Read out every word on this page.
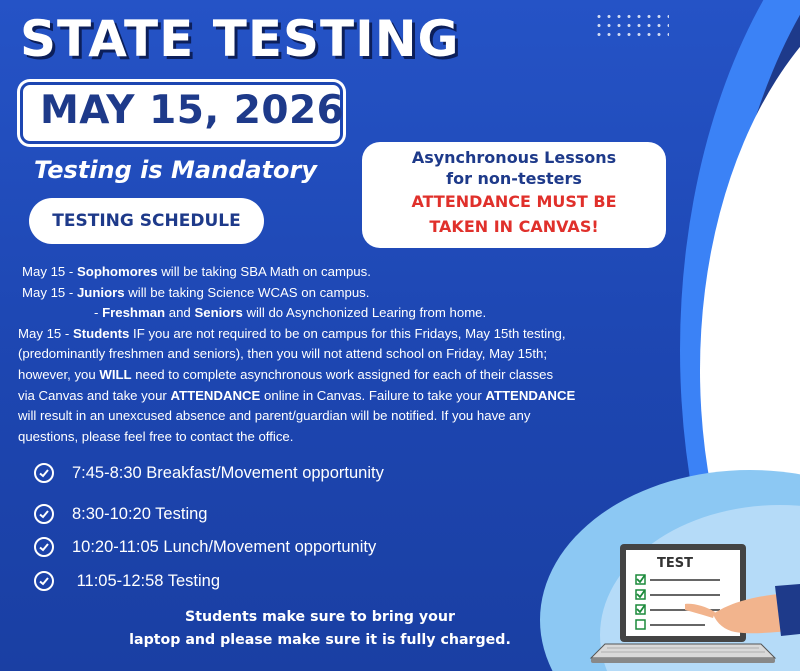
STATE TESTING
MAY 15, 2026
Testing is Mandatory
TESTING SCHEDULE
Asynchronous Lessons
for non-testers
ATTENDANCE MUST BE
TAKEN IN CANVAS!
May 15 - Sophomores will be taking SBA Math on campus.
May 15 - Juniors will be taking Science WCAS on campus.
- Freshman and Seniors will do Asynchonized Learing from home.
May 15 - Students IF you are not required to be on campus for this Fridays, May 15th testing,
(predominantly freshmen and seniors), then you will not attend school on Friday, May 15th;
however, you WILL need to complete asynchronous work assigned for each of their classes
via Canvas and take your ATTENDANCE online in Canvas. Failure to take your ATTENDANCE
will result in an unexcused absence and parent/guardian will be notified. If you have any
questions, please feel free to contact the office.
7:45-8:30 Breakfast/Movement opportunity
8:30-10:20 Testing
10:20-11:05 Lunch/Movement opportunity
11:05-12:58 Testing
Students make sure to bring your
laptop and please make sure it is fully charged.
TEST
